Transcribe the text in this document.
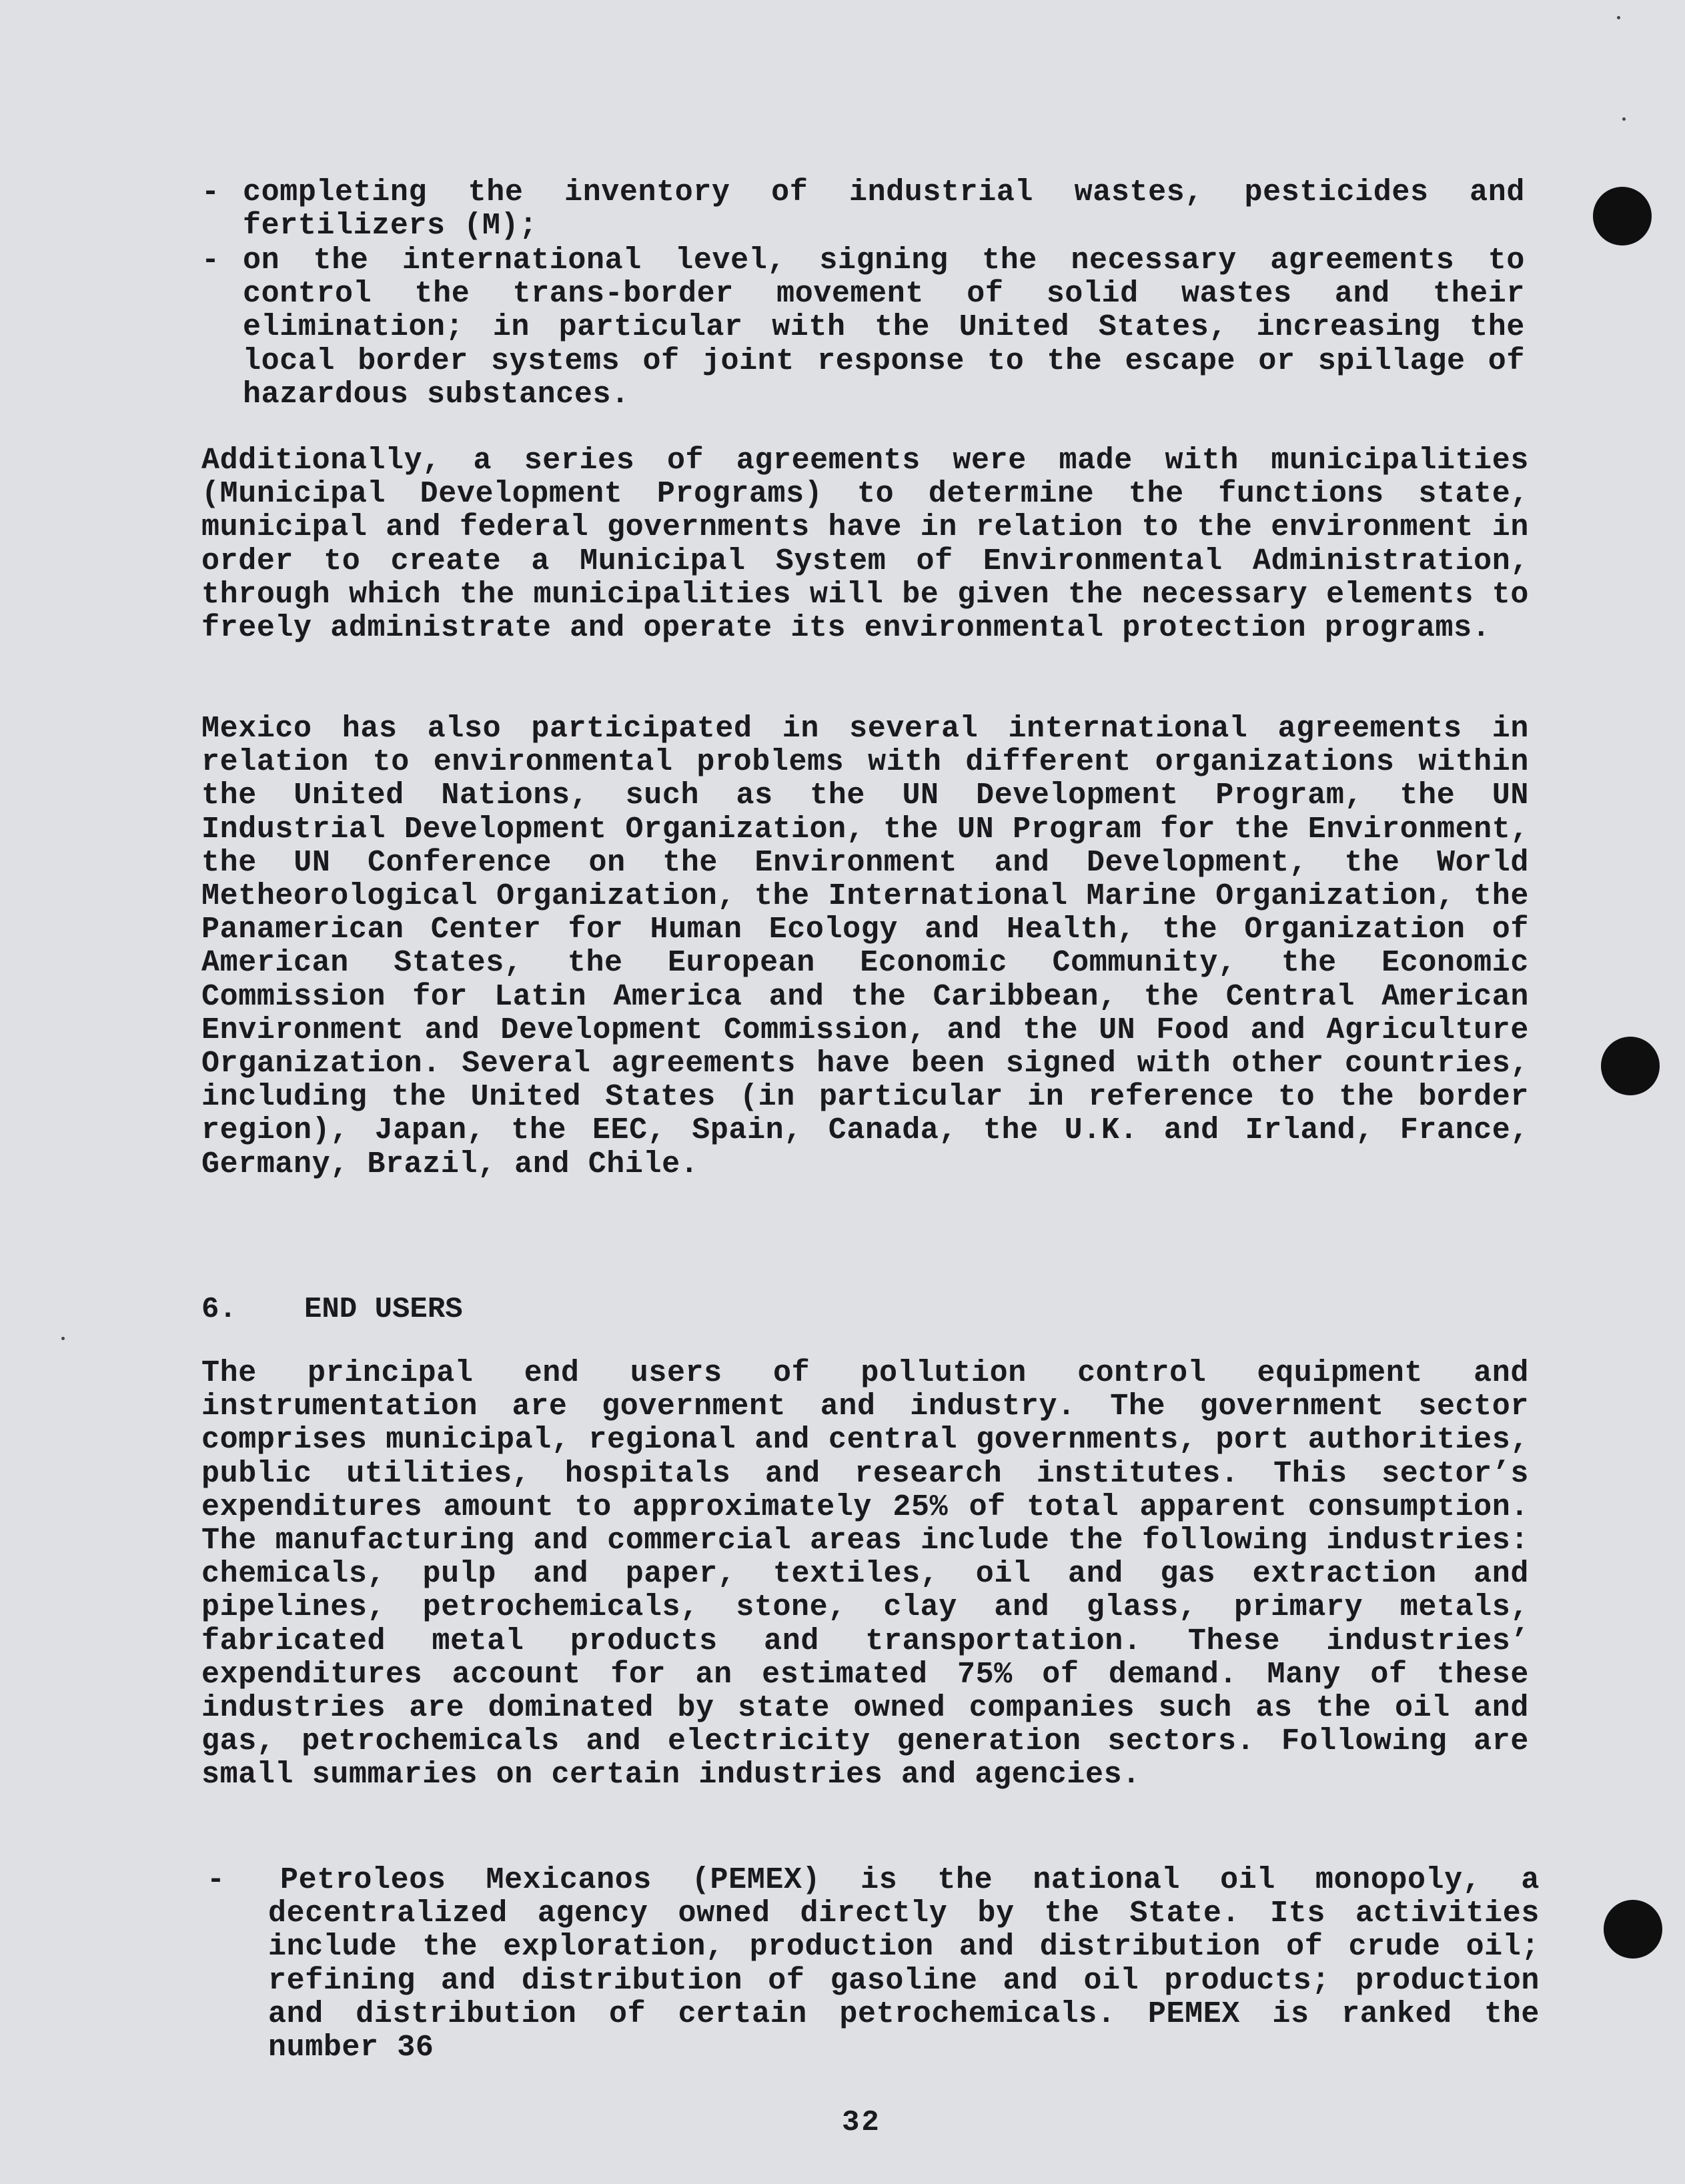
- completing the inventory of industrial wastes, pesticides and fertilizers (M);
- on the international level, signing the necessary agreements to control the trans-border movement of solid wastes and their elimination; in particular with the United States, increasing the local border systems of joint response to the escape or spillage of hazardous substances.
Additionally, a series of agreements were made with municipalities (Municipal Development Programs) to determine the functions state, municipal and federal governments have in relation to the environment in order to create a Municipal System of Environmental Administration, through which the municipalities will be given the necessary elements to freely administrate and operate its environmental protection programs.
Mexico has also participated in several international agreements in relation to environmental problems with different organizations within the United Nations, such as the UN Development Program, the UN Industrial Development Organization, the UN Program for the Environment, the UN Conference on the Environment and Development, the World Metheorological Organization, the International Marine Organization, the Panamerican Center for Human Ecology and Health, the Organization of American States, the European Economic Community, the Economic Commission for Latin America and the Caribbean, the Central American Environment and Development Commission, and the UN Food and Agriculture Organization. Several agreements have been signed with other countries, including the United States (in particular in reference to the border region), Japan, the EEC, Spain, Canada, the U.K. and Irland, France, Germany, Brazil, and Chile.
6. END USERS
The principal end users of pollution control equipment and instrumentation are government and industry. The government sector comprises municipal, regional and central governments, port authorities, public utilities, hospitals and research institutes. This sector’s expenditures amount to approximately 25% of total apparent consumption. The manufacturing and commercial areas include the following industries: chemicals, pulp and paper, textiles, oil and gas extraction and pipelines, petrochemicals, stone, clay and glass, primary metals, fabricated metal products and transportation. These industries’ expenditures account for an estimated 75% of demand. Many of these industries are dominated by state owned companies such as the oil and gas, petrochemicals and electricity generation sectors. Following are small summaries on certain industries and agencies.
-	Petroleos Mexicanos (PEMEX) is the national oil monopoly, a decentralized agency owned directly by the State. Its activities include the exploration, production and distribution of crude oil; refining and distribution of gasoline and oil products; production and distribution of certain petrochemicals. PEMEX is ranked the number 36
32
